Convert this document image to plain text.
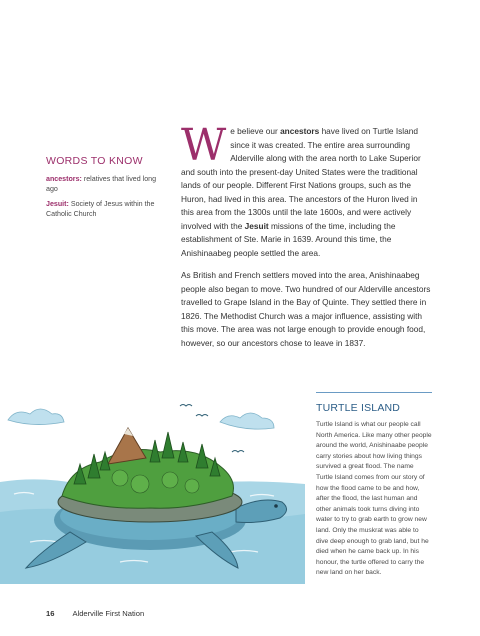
WORDS TO KNOW

ancestors: relatives that lived long ago

Jesuit: Society of Jesus within the Catholic Church

We believe our ancestors have lived on Turtle Island since it was created. The entire area surrounding Alderville along with the area north to Lake Superior and south into the present-day United States were the traditional lands of our people. Different First Nations groups, such as the Huron, had lived in this area. The ancestors of the Huron lived in this area from the 1300s until the late 1600s, and were actively involved with the Jesuit missions of the time, including the establishment of Ste. Marie in 1639. Around this time, the Anishinaabeg people settled the area.

As British and French settlers moved into the area, Anishinaabeg people also began to move. Two hundred of our Alderville ancestors travelled to Grape Island in the Bay of Quinte. They settled there in 1826. The Methodist Church was a major influence, assisting with this move. The area was not large enough to provide enough food, however, so our ancestors chose to leave in 1837.

TURTLE ISLAND

Turtle Island is what our people call North America. Like many other people around the world, Anishinaabe people carry stories about how living things survived a great flood. The name Turtle Island comes from our story of how the flood came to be and how, after the flood, the last human and other animals took turns diving into water to try to grab earth to grow new land. Only the muskrat was able to dive deep enough to grab land, but he died when he came back up. In his honour, the turtle offered to carry the new land on her back.

16 Alderville First Nation
